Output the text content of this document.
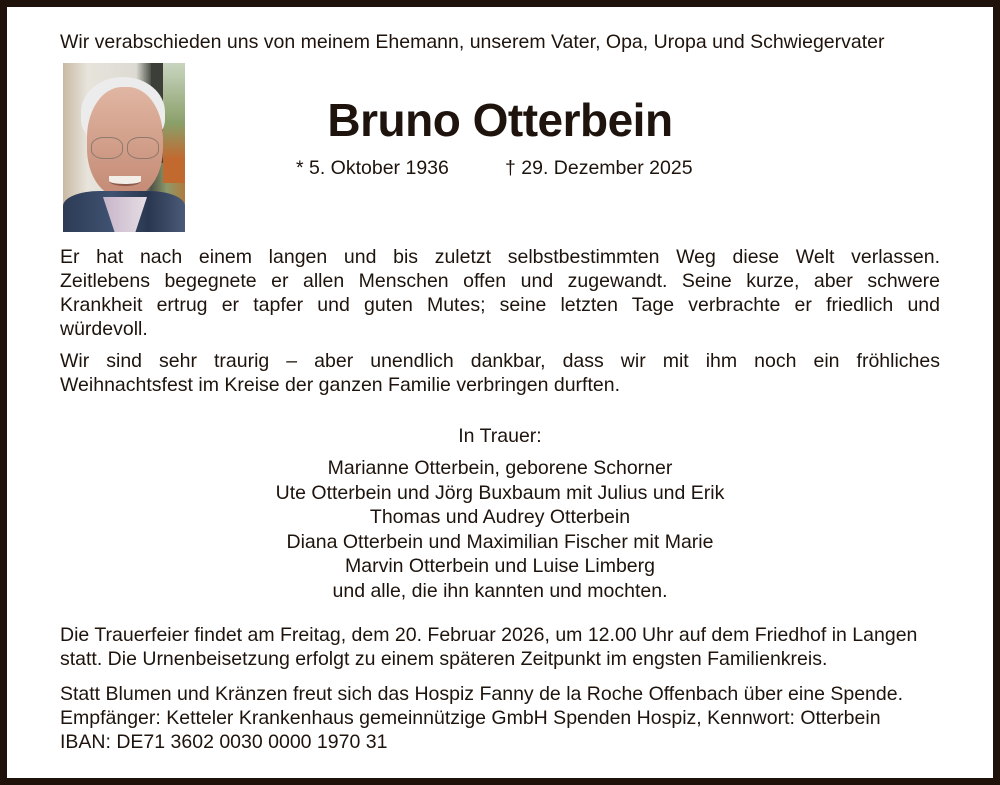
Wir verabschieden uns von meinem Ehemann, unserem Vater, Opa, Uropa und Schwiegervater
Bruno Otterbein
* 5. Oktober 1936	† 29. Dezember 2025
Er hat nach einem langen und bis zuletzt selbstbestimmten Weg diese Welt verlassen.
Zeitlebens begegnete er allen Menschen offen und zugewandt. Seine kurze, aber schwere
Krankheit ertrug er tapfer und guten Mutes; seine letzten Tage verbrachte er friedlich und
würdevoll.
Wir sind sehr traurig – aber unendlich dankbar, dass wir mit ihm noch ein fröhliches
Weihnachtsfest im Kreise der ganzen Familie verbringen durften.
In Trauer:
Marianne Otterbein, geborene Schorner
Ute Otterbein und Jörg Buxbaum mit Julius und Erik
Thomas und Audrey Otterbein
Diana Otterbein und Maximilian Fischer mit Marie
Marvin Otterbein und Luise Limberg
und alle, die ihn kannten und mochten.
Die Trauerfeier findet am Freitag, dem 20. Februar 2026, um 12.00 Uhr auf dem Friedhof in Langen
statt. Die Urnenbeisetzung erfolgt zu einem späteren Zeitpunkt im engsten Familienkreis.
Statt Blumen und Kränzen freut sich das Hospiz Fanny de la Roche Offenbach über eine Spende.
Empfänger: Ketteler Krankenhaus gemeinnützige GmbH Spenden Hospiz, Kennwort: Otterbein
IBAN: DE71 3602 0030 0000 1970 31
